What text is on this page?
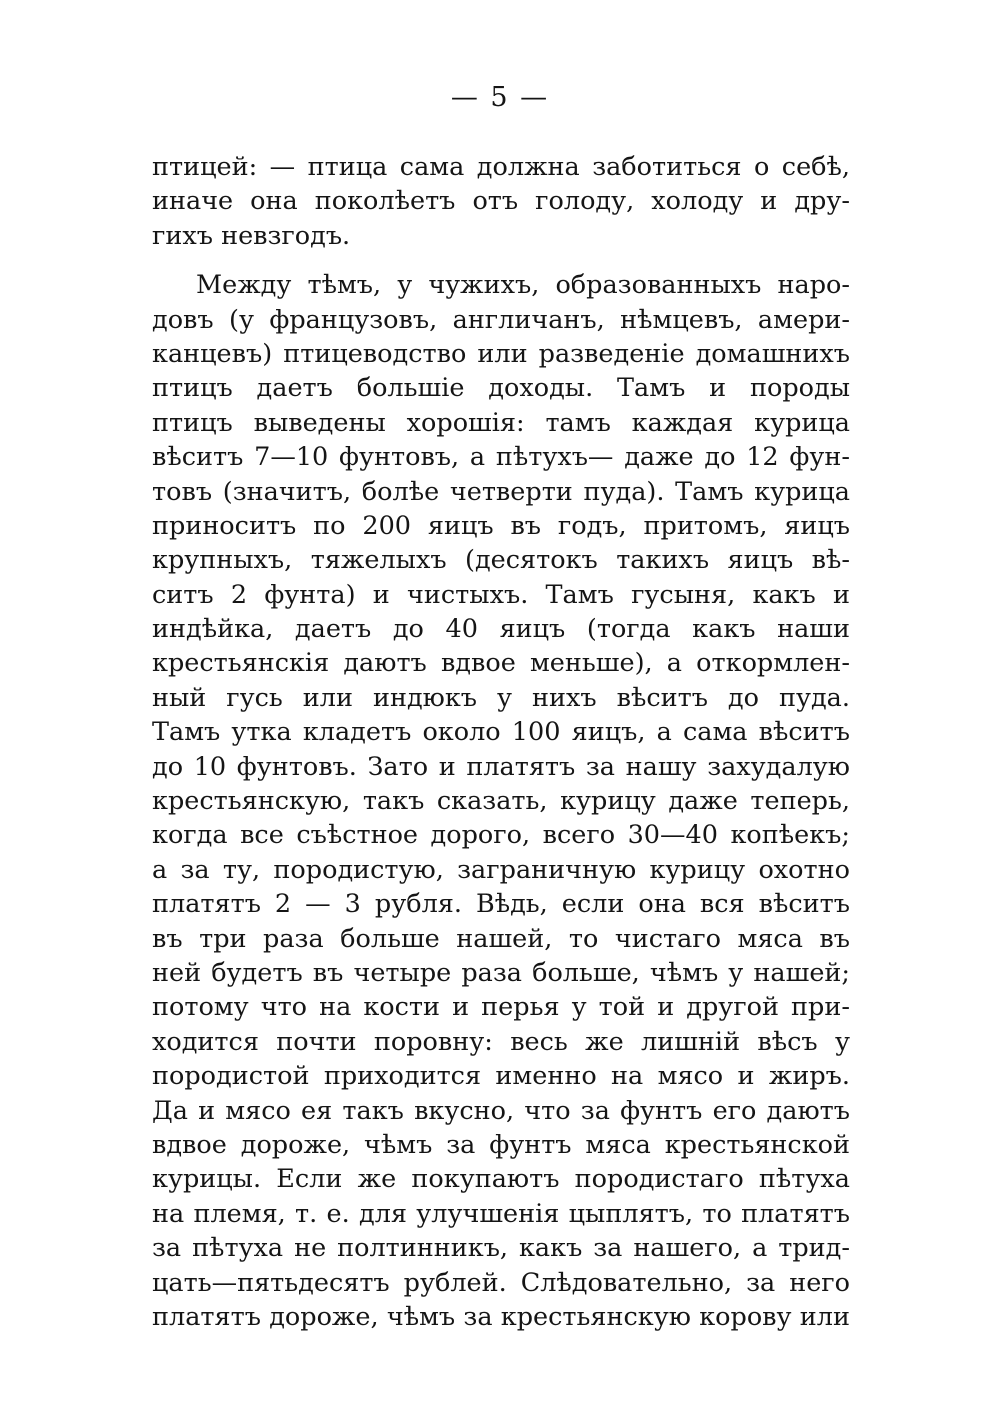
— 5 —
птицей: — птица сама должна заботиться о себѣ,
иначе она поколѣетъ отъ голоду, холоду и дру-
гихъ невзгодъ.
Между тѣмъ, у чужихъ, образованныхъ наро-
довъ (у французовъ, англичанъ, нѣмцевъ, амери-
канцевъ) птицеводство или разведеніе домашнихъ
птицъ даетъ большіе доходы. Тамъ и породы
птицъ выведены хорошія: тамъ каждая курица
вѣситъ 7—10 фунтовъ, а пѣтухъ— даже до 12 фун-
товъ (значитъ, болѣе четверти пуда). Тамъ курица
приноситъ по 200 яицъ въ годъ, притомъ, яицъ
крупныхъ, тяжелыхъ (десятокъ такихъ яицъ вѣ-
ситъ 2 фунта) и чистыхъ. Тамъ гусыня, какъ и
индѣйка, даетъ до 40 яицъ (тогда какъ наши
крестьянскія даютъ вдвое меньше), а откормлен-
ный гусь или индюкъ у нихъ вѣситъ до пуда.
Тамъ утка кладетъ около 100 яицъ, а сама вѣситъ
до 10 фунтовъ. Зато и платятъ за нашу захудалую
крестьянскую, такъ сказать, курицу даже теперь,
когда все съѣстное дорого, всего 30—40 копѣекъ;
а за ту, породистую, заграничную курицу охотно
платятъ 2 — 3 рубля. Вѣдь, если она вся вѣситъ
въ три раза больше нашей, то чистаго мяса въ
ней будетъ въ четыре раза больше, чѣмъ у нашей;
потому что на кости и перья у той и другой при-
ходится почти поровну: весь же лишній вѣсъ у
породистой приходится именно на мясо и жиръ.
Да и мясо ея такъ вкусно, что за фунтъ его даютъ
вдвое дороже, чѣмъ за фунтъ мяса крестьянской
курицы. Если же покупаютъ породистаго пѣтуха
на племя, т. е. для улучшенія цыплятъ, то платятъ
за пѣтуха не полтинникъ, какъ за нашего, а трид-
цать—пятьдесятъ рублей. Слѣдовательно, за него
платятъ дороже, чѣмъ за крестьянскую корову или
